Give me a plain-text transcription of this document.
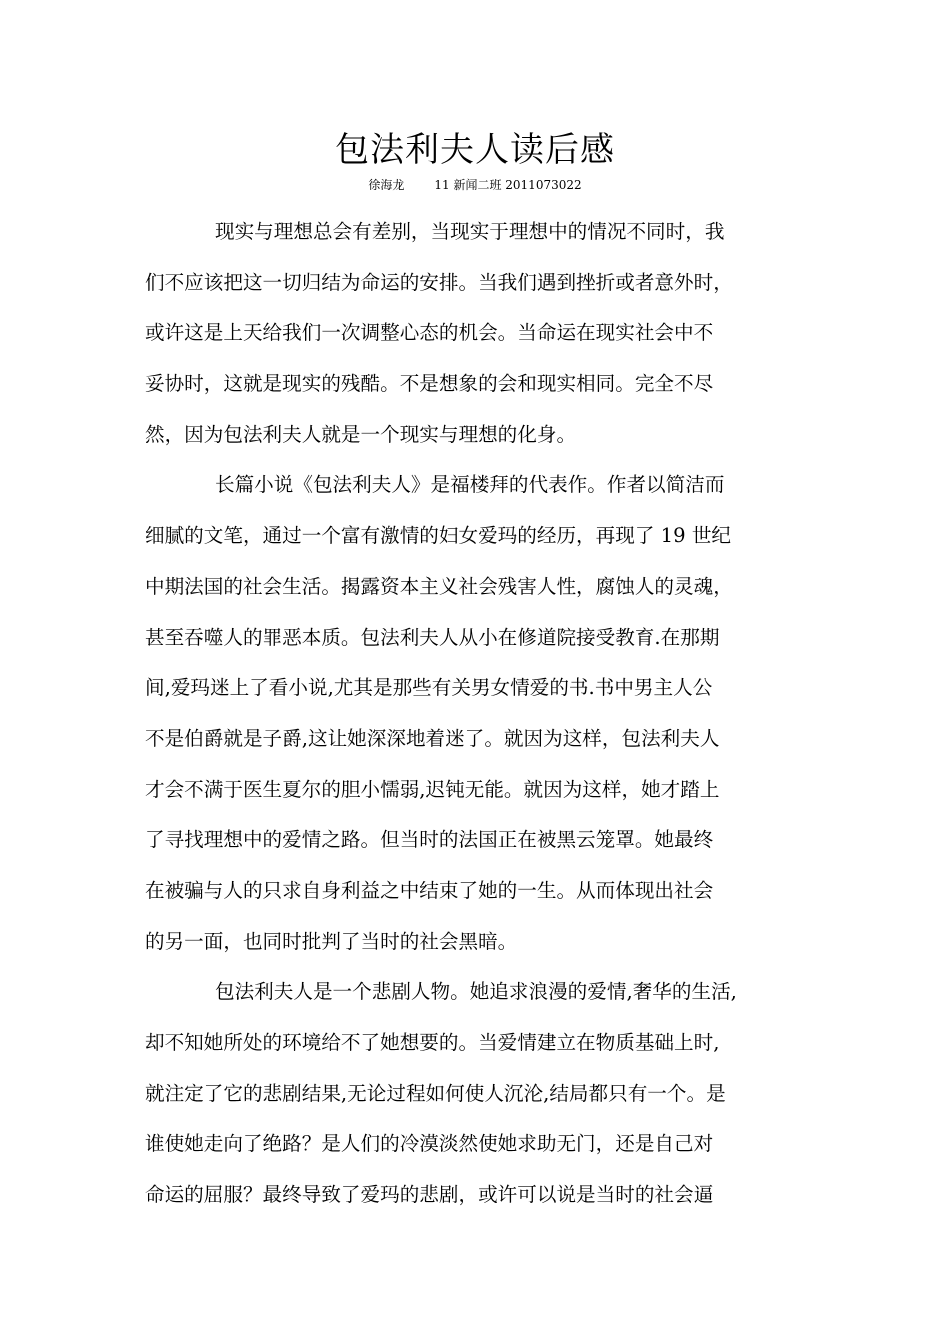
包法利夫人读后感
徐海龙	11 新闻二班 2011073022
现实与理想总会有差别，当现实于理想中的情况不同时，我
们不应该把这一切归结为命运的安排。当我们遇到挫折或者意外时，
或许这是上天给我们一次调整心态的机会。当命运在现实社会中不
妥协时，这就是现实的残酷。不是想象的会和现实相同。完全不尽
然，因为包法利夫人就是一个现实与理想的化身。
长篇小说《包法利夫人》是福楼拜的代表作。作者以简洁而
细腻的文笔，通过一个富有激情的妇女爱玛的经历，再现了 19 世纪
中期法国的社会生活。揭露资本主义社会残害人性，腐蚀人的灵魂，
甚至吞噬人的罪恶本质。包法利夫人从小在修道院接受教育.在那期
间,爱玛迷上了看小说,尤其是那些有关男女情爱的书.书中男主人公
不是伯爵就是子爵,这让她深深地着迷了。就因为这样，包法利夫人
才会不满于医生夏尔的胆小懦弱,迟钝无能。就因为这样，她才踏上
了寻找理想中的爱情之路。但当时的法国正在被黑云笼罩。她最终
在被骗与人的只求自身利益之中结束了她的一生。从而体现出社会
的另一面，也同时批判了当时的社会黑暗。
包法利夫人是一个悲剧人物。她追求浪漫的爱情,奢华的生活,
却不知她所处的环境给不了她想要的。当爱情建立在物质基础上时,
就注定了它的悲剧结果,无论过程如何使人沉沦,结局都只有一个。是
谁使她走向了绝路？是人们的冷漠淡然使她求助无门，还是自己对
命运的屈服？最终导致了爱玛的悲剧，或许可以说是当时的社会逼
